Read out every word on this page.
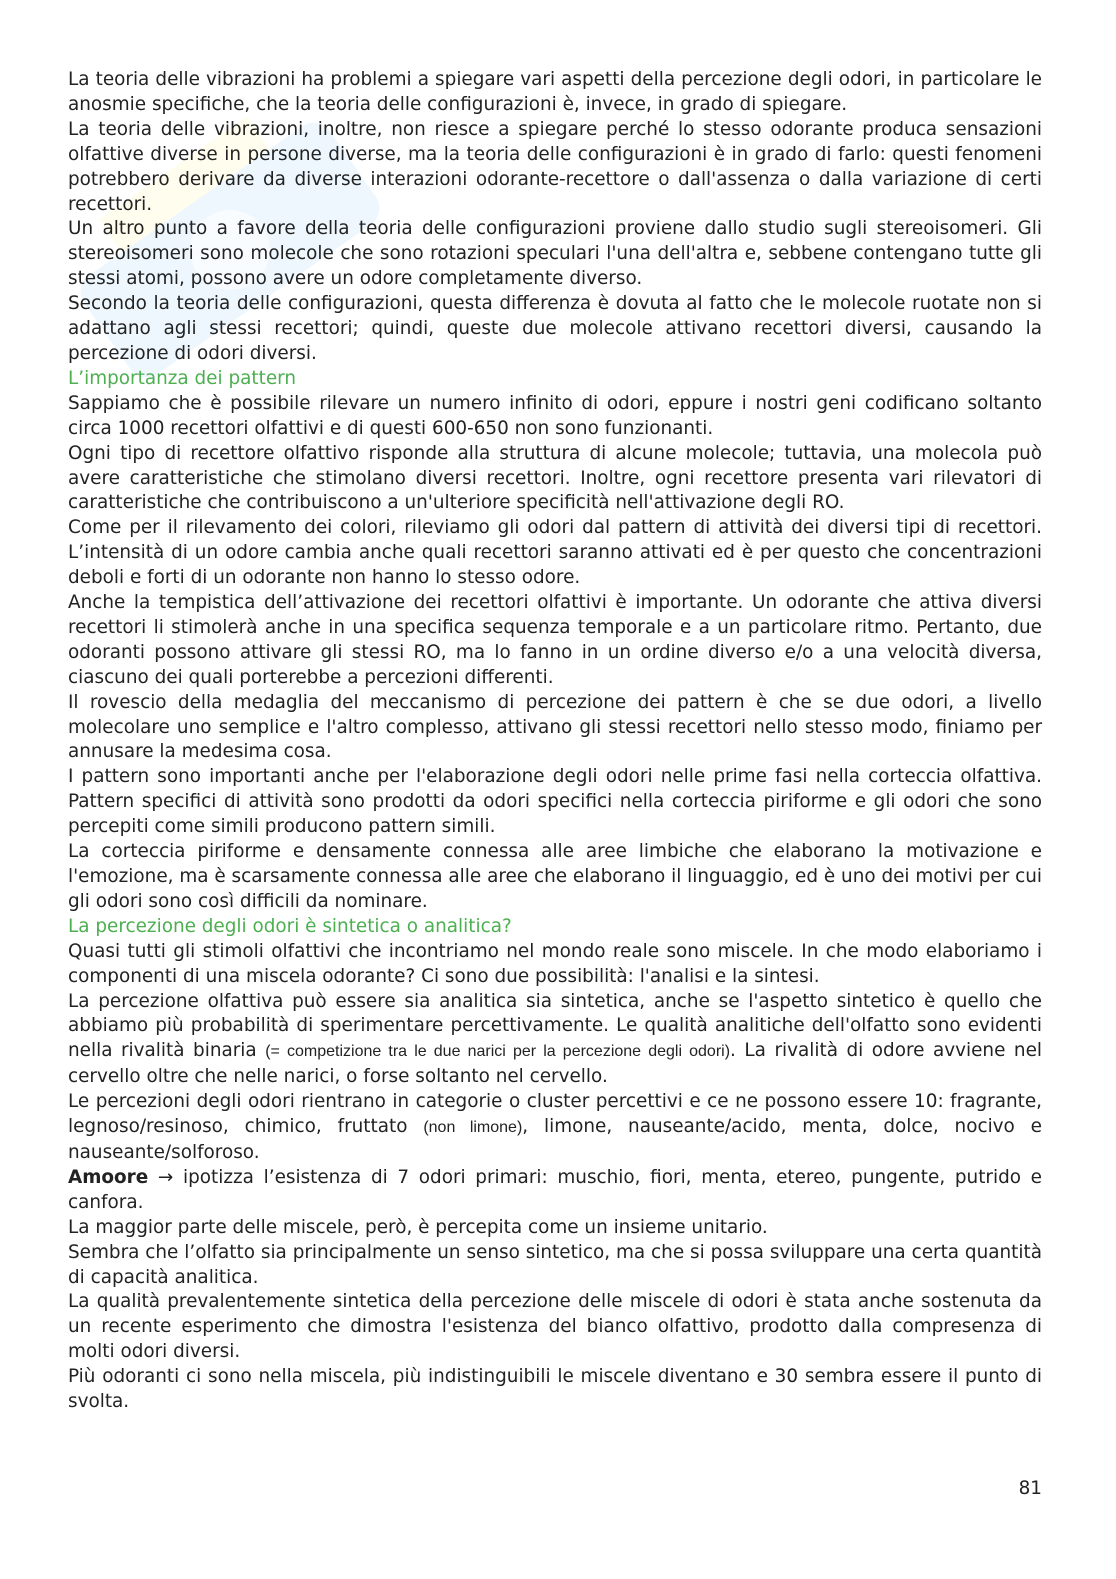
La teoria delle vibrazioni ha problemi a spiegare vari aspetti della percezione degli odori, in particolare le anosmie specifiche, che la teoria delle configurazioni è, invece, in grado di spiegare.

La teoria delle vibrazioni, inoltre, non riesce a spiegare perché lo stesso odorante produca sensazioni olfattive diverse in persone diverse, ma la teoria delle configurazioni è in grado di farlo: questi fenomeni potrebbero derivare da diverse interazioni odorante-recettore o dall'assenza o dalla variazione di certi recettori.

Un altro punto a favore della teoria delle configurazioni proviene dallo studio sugli stereoisomeri. Gli stereoisomeri sono molecole che sono rotazioni speculari l'una dell'altra e, sebbene contengano tutte gli stessi atomi, possono avere un odore completamente diverso.

Secondo la teoria delle configurazioni, questa differenza è dovuta al fatto che le molecole ruotate non si adattano agli stessi recettori; quindi, queste due molecole attivano recettori diversi, causando la percezione di odori diversi.

L’importanza dei pattern

Sappiamo che è possibile rilevare un numero infinito di odori, eppure i nostri geni codificano soltanto circa 1000 recettori olfattivi e di questi 600-650 non sono funzionanti.

Ogni tipo di recettore olfattivo risponde alla struttura di alcune molecole; tuttavia, una molecola può avere caratteristiche che stimolano diversi recettori. Inoltre, ogni recettore presenta vari rilevatori di caratteristiche che contribuiscono a un'ulteriore specificità nell'attivazione degli RO.

Come per il rilevamento dei colori, rileviamo gli odori dal pattern di attività dei diversi tipi di recettori. L’intensità di un odore cambia anche quali recettori saranno attivati ed è per questo che concentrazioni deboli e forti di un odorante non hanno lo stesso odore.

Anche la tempistica dell’attivazione dei recettori olfattivi è importante. Un odorante che attiva diversi recettori li stimolerà anche in una specifica sequenza temporale e a un particolare ritmo. Pertanto, due odoranti possono attivare gli stessi RO, ma lo fanno in un ordine diverso e/o a una velocità diversa, ciascuno dei quali porterebbe a percezioni differenti.

Il rovescio della medaglia del meccanismo di percezione dei pattern è che se due odori, a livello molecolare uno semplice e l'altro complesso, attivano gli stessi recettori nello stesso modo, finiamo per annusare la medesima cosa.

I pattern sono importanti anche per l'elaborazione degli odori nelle prime fasi nella corteccia olfattiva. Pattern specifici di attività sono prodotti da odori specifici nella corteccia piriforme e gli odori che sono percepiti come simili producono pattern simili.

La corteccia piriforme e densamente connessa alle aree limbiche che elaborano la motivazione e l'emozione, ma è scarsamente connessa alle aree che elaborano il linguaggio, ed è uno dei motivi per cui gli odori sono così difficili da nominare.

La percezione degli odori è sintetica o analitica?

Quasi tutti gli stimoli olfattivi che incontriamo nel mondo reale sono miscele. In che modo elaboriamo i componenti di una miscela odorante? Ci sono due possibilità: l'analisi e la sintesi.

La percezione olfattiva può essere sia analitica sia sintetica, anche se l'aspetto sintetico è quello che abbiamo più probabilità di sperimentare percettivamente. Le qualità analitiche dell'olfatto sono evidenti nella rivalità binaria (= competizione tra le due narici per la percezione degli odori). La rivalità di odore avviene nel cervello oltre che nelle narici, o forse soltanto nel cervello.

Le percezioni degli odori rientrano in categorie o cluster percettivi e ce ne possono essere 10: fragrante, legnoso/resinoso, chimico, fruttato (non limone), limone, nauseante/acido, menta, dolce, nocivo e nauseante/solforoso.

Amoore → ipotizza l’esistenza di 7 odori primari: muschio, fiori, menta, etereo, pungente, putrido e canfora.

La maggior parte delle miscele, però, è percepita come un insieme unitario.

Sembra che l’olfatto sia principalmente un senso sintetico, ma che si possa sviluppare una certa quantità di capacità analitica.

La qualità prevalentemente sintetica della percezione delle miscele di odori è stata anche sostenuta da un recente esperimento che dimostra l'esistenza del bianco olfattivo, prodotto dalla compresenza di molti odori diversi.

Più odoranti ci sono nella miscela, più indistinguibili le miscele diventano e 30 sembra essere il punto di svolta.

81
